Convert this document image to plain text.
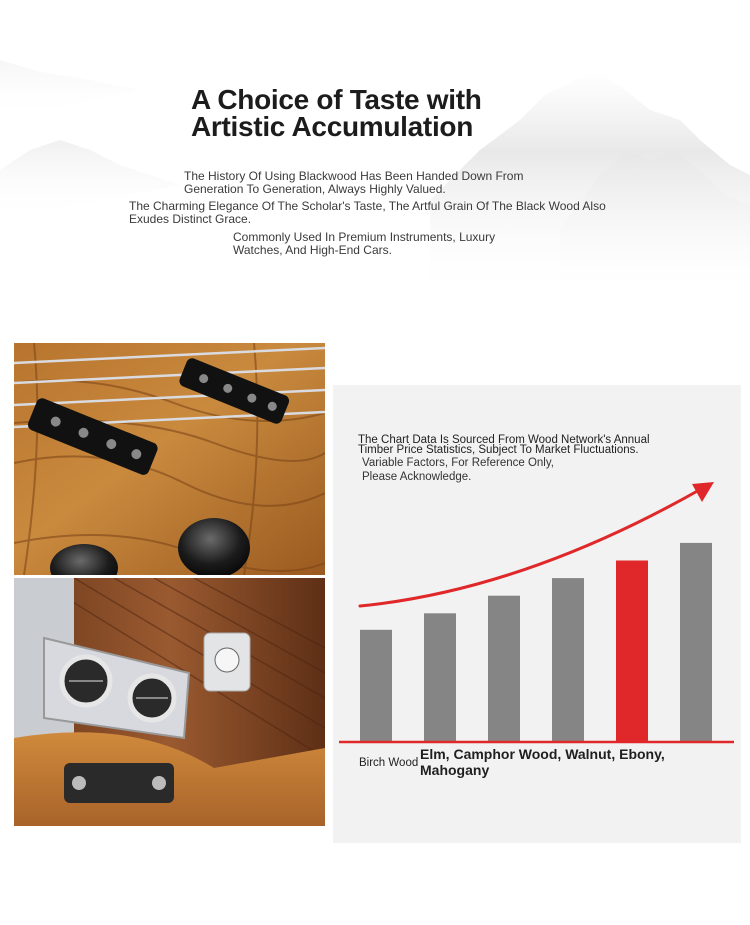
A Choice of Taste with
Artistic Accumulation

The History Of Using Blackwood Has Been Handed Down From
Generation To Generation, Always Highly Valued.

The Charming Elegance Of The Scholar's Taste, The Artful Grain Of The Black Wood Also
Exudes Distinct Grace.

Commonly Used In Premium Instruments, Luxury
Watches, And High-End Cars.

The Chart Data Is Sourced From Wood Network's Annual
Timber Price Statistics, Subject To Market Fluctuations.

Variable Factors, For Reference Only,
Please Acknowledge.

Birch Wood

Elm, Camphor Wood, Walnut, Ebony, Mahogany
